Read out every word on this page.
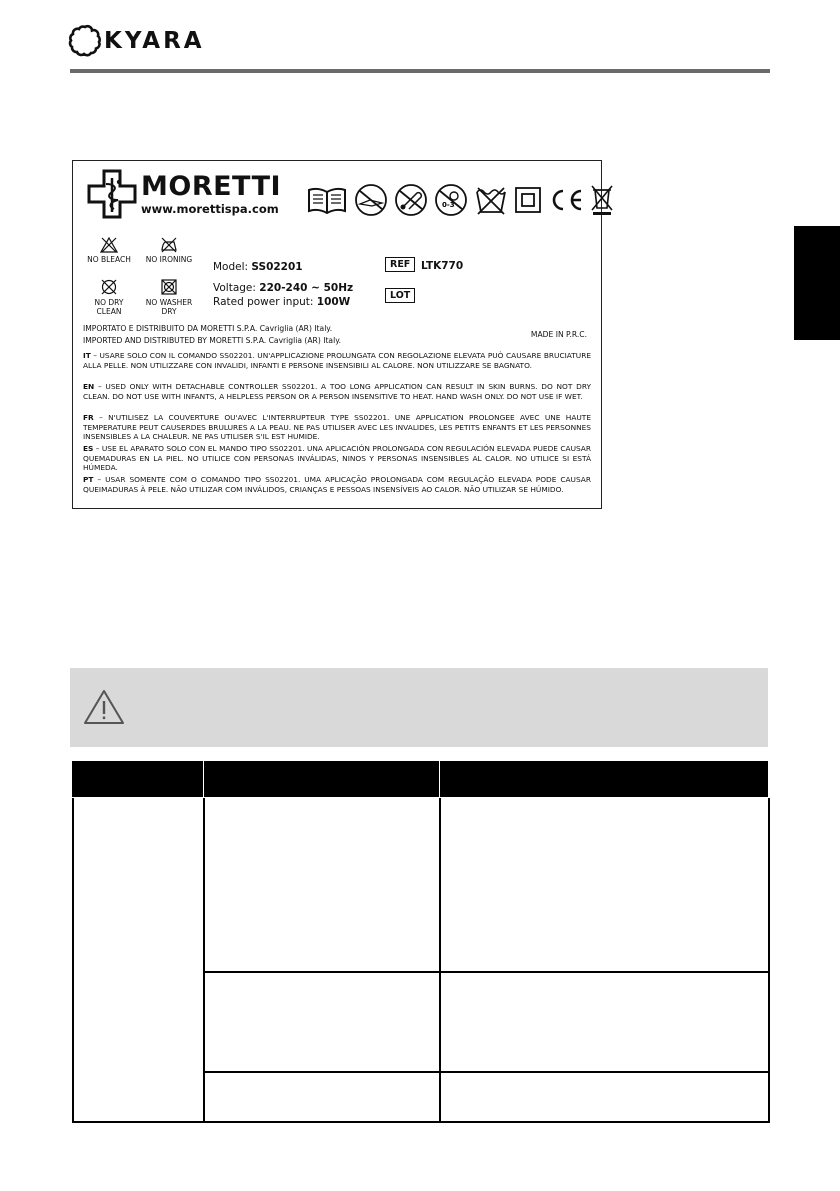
KYARA
MORETTI
www.morettispa.com	0-3
NO BLEACH	NO IRONING
NO DRY
CLEAN
NO WASHER
DRY
Model: SS02201
Voltage: 220-240 ~ 50Hz
Rated power input: 100W
REF	LTK770
LOT
IMPORTATO E DISTRIBUITO DA MORETTI S.P.A. Cavriglia (AR) Italy.
IMPORTED AND DISTRIBUTED BY MORETTI S.P.A. Cavriglia (AR) Italy.
MADE IN P.R.C.
IT – USARE SOLO CON IL COMANDO SS02201. UN'APPLICAZIONE PROLUNGATA CON REGOLAZIONE ELEVATA PUÒ CAUSARE BRUCIATURE ALLA PELLE. NON UTILIZZARE CON INVALIDI, INFANTI E PERSONE INSENSIBILI AL CALORE. NON UTILIZZARE SE BAGNATO.
EN – USED ONLY WITH DETACHABLE CONTROLLER SS02201. A TOO LONG APPLICATION CAN RESULT IN SKIN BURNS. DO NOT DRY CLEAN. DO NOT USE WITH INFANTS, A HELPLESS PERSON OR A PERSON INSENSITIVE TO HEAT. HAND WASH ONLY. DO NOT USE IF WET.
FR – N'UTILISEZ LA COUVERTURE OU'AVEC L'INTERRUPTEUR TYPE SS02201. UNE APPLICATION PROLONGEE AVEC UNE HAUTE TEMPERATURE PEUT CAUSERDES BRULURES A LA PEAU. NE PAS UTILISER AVEC LES INVALIDES, LES PETITS ENFANTS ET LES PERSONNES INSENSIBLES A LA CHALEUR. NE PAS UTILISER S'IL EST HUMIDE.
ES – USE EL APARATO SOLO CON EL MANDO TIPO SS02201. UNA APLICACIÓN PROLONGADA CON REGULACIÓN ELEVADA PUEDE CAUSAR QUEMADURAS EN LA PIEL. NO UTILICE CON PERSONAS INVÁLIDAS, NINOS Y PERSONAS INSENSIBLES AL CALOR. NO UTILICE SI ESTÁ HÚMEDA.
PT – USAR SOMENTE COM O COMANDO TIPO SS02201. UMA APLICAÇÃO PROLONGADA COM REGULAÇÃO ELEVADA PODE CAUSAR QUEIMADURAS À PELE. NÃO UTILIZAR COM INVÁLIDOS, CRIANÇAS E PESSOAS INSENSÍVEIS AO CALOR. NÃO UTILIZAR SE HÚMIDO.
